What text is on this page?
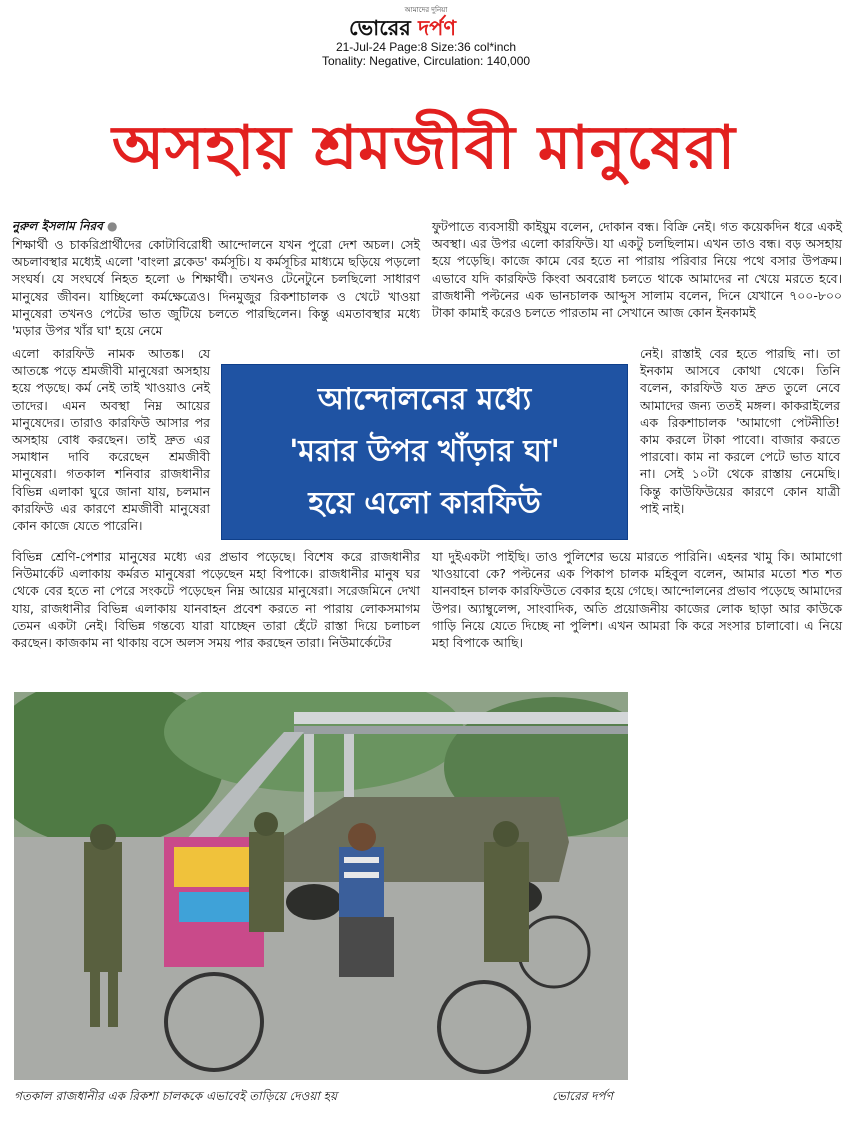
আমাদের দুনিয়া
ভোরের দর্পণ
21-Jul-24 Page:8 Size:36 col*inch
Tonality: Negative, Circulation: 140,000
অসহায় শ্রমজীবী মানুষেরা
নুরুল ইসলাম নিরব ●

শিক্ষার্থী ও চাকরিপ্রার্থীদের কোটাবিরোধী আন্দোলনে যখন পুরো দেশ অচল। সেই অচলাবস্থার মধ্যেই এলো 'বাংলা ব্লকেড' কর্মসূচি। য কর্মসূচির মাধ্যমে ছড়িয়ে পড়লো সংঘর্ষ। যে সংঘর্ষে নিহত হলো ৬ শিক্ষার্থী। তখনও টেনেটুনে চলছিলো সাধারণ মানুষের জীবন। যাচ্ছিলো কর্মক্ষেত্রেও। দিনমুজুর রিকশাচালক ও খেটে খাওয়া মানুষেরা তখনও পেটের ভাত জুটিয়ে চলতে পারছিলেন। কিন্তু এমতাবস্থার মধ্যে 'মড়ার উপর খাঁর ঘা' হয়ে নেমে

এলো কারফিউ নামক আতঙ্ক। যে আতঙ্কে পড়ে শ্রমজীবী মানুষেরা অসহায় হয়ে পড়ছে। কর্ম নেই তাই খাওয়াও নেই তাদের। এমন অবস্থা নিম্ন আয়ের মানুষেদের। তারাও কারফিউ আসার পর অসহায় বোধ করছেন। তাই দ্রুত এর সমাধান দাবি করেছেন শ্রমজীবী মানুষেরা। গতকাল শনিবার রাজধানীর বিভিন্ন এলাকা ঘুরে জানা যায়, চলমান কারফিউ এর কারণে শ্রমজীবী মানুষেরা কোন কাজে যেতে পারেনি।

বিভিন্ন শ্রেণি-পেশার মানুষের মধ্যে এর প্রভাব পড়েছে। বিশেষ করে রাজধানীর নিউমার্কেট এলাকায় কর্মরত মানুষেরা পড়েছেন মহা বিপাকে। রাজধানীর মানুষ ঘর থেকে বের হতে না পেরে সংকটে পড়েছেন নিম্ন আয়ের মানুষেরা। সরেজমিনে দেখা যায়, রাজধানীর বিভিন্ন এলাকায় যানবাহন প্রবেশ করতে না পারায় লোকসমাগম তেমন একটা নেই। বিভিন্ন গন্তব্যে যারা যাচ্ছেন তারা হেঁটে রাস্তা দিয়ে চলাচল করছেন। কাজকাম না থাকায় বসে অলস সময় পার করছেন তারা। নিউমার্কেটের

ফুটপাতে ব্যবসায়ী কাইয়ুম বলেন, দোকান বন্ধ। বিক্রি নেই। গত কয়েকদিন ধরে একই অবস্থা। এর উপর এলো কারফিউ। যা একটু চলছিলাম। এখন তাও বন্ধ। বড় অসহায় হয়ে পড়েছি। কাজে কামে বের হতে না পারায় পরিবার নিয়ে পথে বসার উপক্রম। এভাবে যদি কারফিউ কিংবা অবরোধ চলতে থাকে আমাদের না খেয়ে মরতে হবে। রাজধানী পল্টনের এক ভানচালক আব্দুস সালাম বলেন, দিনে যেখানে ৭০০-৮০০ টাকা কামাই করেও চলতে পারতাম না সেখানে আজ কোন ইনকামই

নেই। রাস্তাই বের হতে পারছি না। তা ইনকাম আসবে কোথা থেকে। তিনি বলেন, কারফিউ যত দ্রুত তুলে নেবে আমাদের জন্য ততই মঙ্গল। কাকরাইলের এক রিকশাচালক 'আমাগো পেটনীতি! কাম করলে টাকা পাবো। বাজার করতে পারবো। কাম না করলে পেটে ভাত যাবে না। সেই ১০টা থেকে রাস্তায় নেমেছি। কিন্তু কাউফিউয়ের কারণে কোন যাত্রী পাই নাই।

যা দুইএকটা পাইছি। তাও পুলিশের ভয়ে মারতে পারিনি। এহনর খামু কি। আমাগো খাওয়াবো কে? পল্টনের এক পিকাপ চালক মহিবুল বলেন, আমার মতো শত শত যানবাহন চালক কারফিউতে বেকার হয়ে গেছে। আন্দোলনের প্রভাব পড়েছে আমাদের উপর। অ্যাম্বুলেন্স, সাংবাদিক, অতি প্রয়োজনীয় কাজের লোক ছাড়া আর কাউকে গাড়ি নিয়ে যেতে দিচ্ছে না পুলিশ। এখন আমরা কি করে সংসার চালাবো। এ নিয়ে মহা বিপাকে আছি।

আন্দোলনের মধ্যে
'মরার উপর খাঁড়ার ঘা'
হয়ে এলো কারফিউ
গতকাল রাজধানীর এক রিকশা চালককে এভাবেই তাড়িয়ে দেওয়া হয়	ভোরের দর্পণ
